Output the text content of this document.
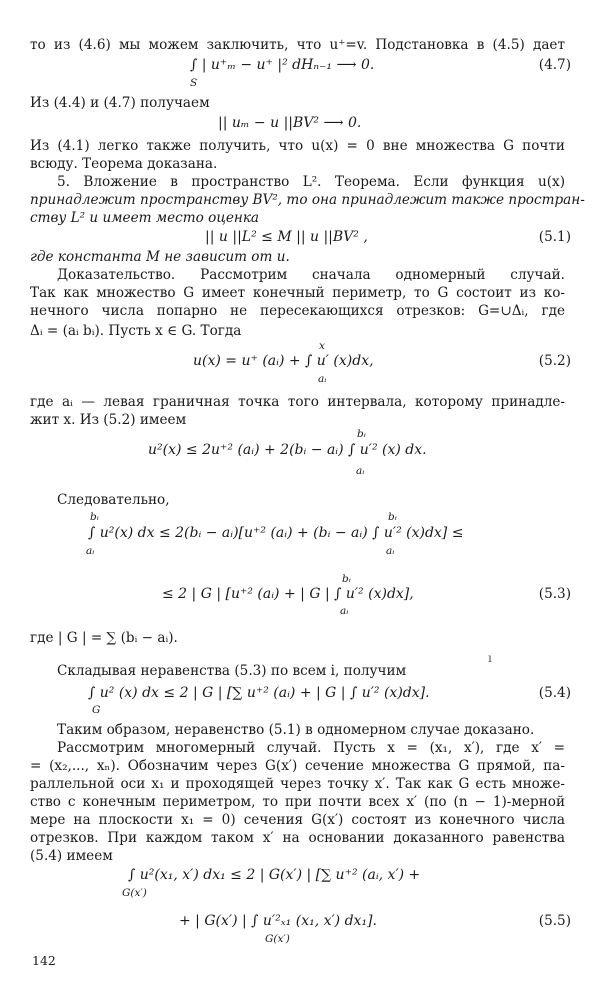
то из (4.6) мы можем заключить, что u⁺=v. Подстановка в (4.5) дает
Из (4.4) и (4.7) получаем
Из (4.1) легко также получить, что u(x) = 0 вне множества G почти
всюду. Теорема доказана.
5. Вложение в пространство L². Теорема. Если функция u(x)
принадлежит пространству BV², то она принадлежит также простран-
ству L² и имеет место оценка
где константа M не зависит от u.
Доказательство. Рассмотрим сначала одномерный случай.
Так как множество G имеет конечный периметр, то G состоит из ко-
нечного числа попарно не пересекающихся отрезков: G=∪Δᵢ, где
Δᵢ = (aᵢ bᵢ). Пусть x ∈ G. Тогда
где aᵢ — левая граничная точка того интервала, которому принадле-
жит x. Из (5.2) имеем
Следовательно,
где | G | = ∑ (bᵢ − aᵢ).
Складывая неравенства (5.3) по всем i, получим
Таким образом, неравенство (5.1) в одномерном случае доказано.
Рассмотрим многомерный случай. Пусть x = (x₁, x′), где x′ =
= (x₂,..., xₙ). Обозначим через G(x′) сечение множества G прямой, па-
раллельной оси x₁ и проходящей через точку x′. Так как G есть множе-
ство с конечным периметром, то при почти всех x′ (по (n − 1)-мерной
мере на плоскости x₁ = 0) сечения G(x′) состоят из конечного числа
отрезков. При каждом таком x′ на основании доказанного равенства
(5.4) имеем
∫ | u⁺ₘ − u⁺ |² dHₙ₋₁ ⟶ 0.
S
|| uₘ − u ||BV² ⟶ 0.
|| u ||L² ≤ M || u ||BV² ,
x
u(x) = u⁺ (aᵢ) + ∫ u′ (x)dx,
aᵢ
bᵢ
u²(x) ≤ 2u⁺² (aᵢ) + 2(bᵢ − aᵢ) ∫ u′² (x) dx.
aᵢ
bᵢ	bᵢ
∫ u²(x) dx ≤ 2(bᵢ − aᵢ)[u⁺² (aᵢ) + (bᵢ − aᵢ) ∫ u′² (x)dx] ≤
aᵢ	aᵢ
bᵢ
≤ 2 | G | [u⁺² (aᵢ) + | G | ∫ u′² (x)dx],
aᵢ
∫ u² (x) dx ≤ 2 | G | [∑ u⁺² (aᵢ) + | G | ∫ u′² (x)dx].
G
∫ u²(x₁, x′) dx₁ ≤ 2 | G(x′) | [∑ u⁺² (aᵢ, x′) +
G(x′)
+ | G(x′) | ∫ u′²ₓ₁ (x₁, x′) dx₁].
G(x′)
(4.7)
(5.1)
(5.2)
(5.3)
(5.4)
(5.5)
ı
142
